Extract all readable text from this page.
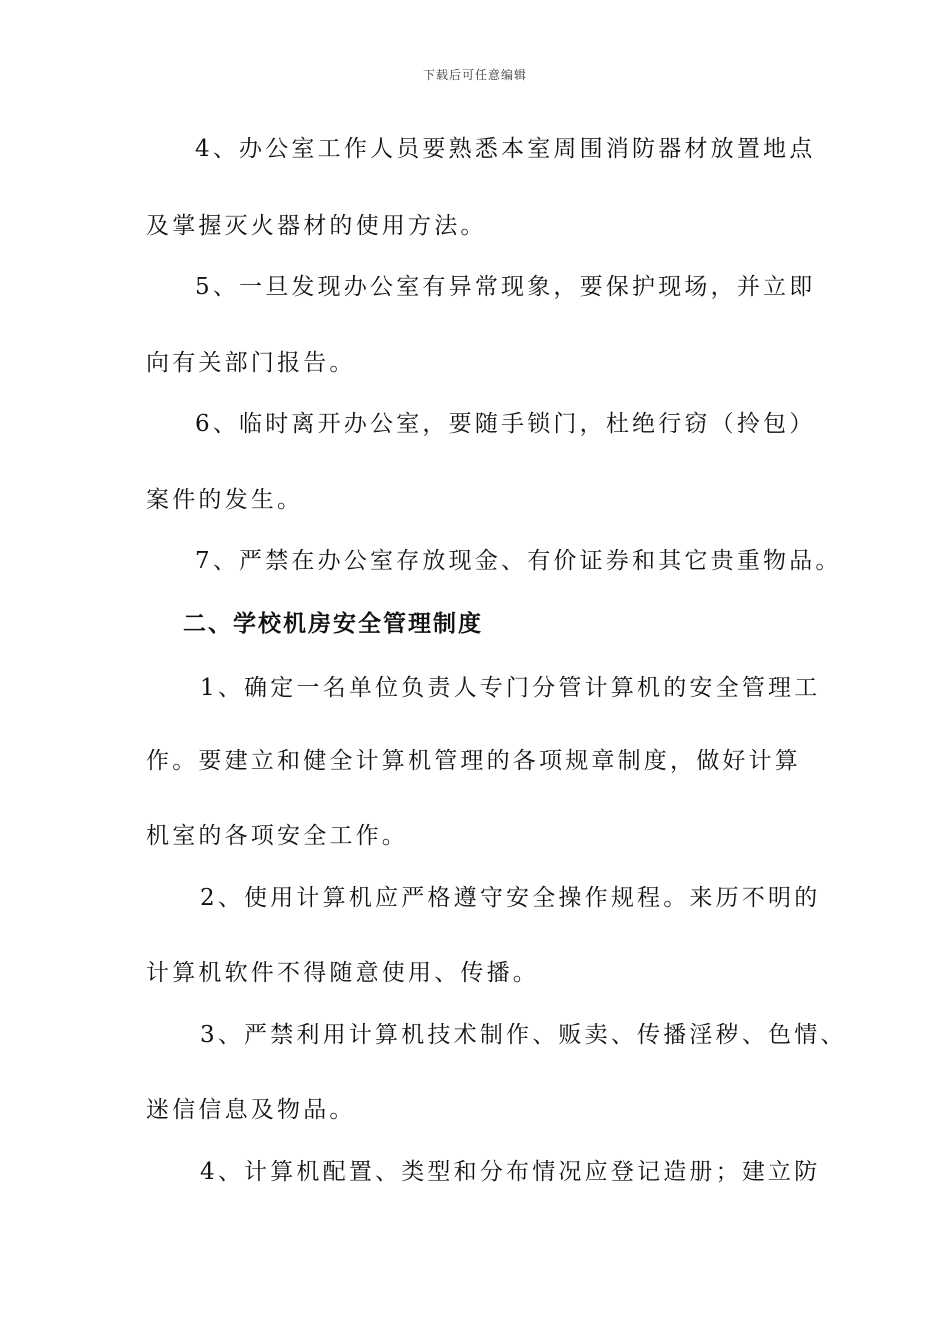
下载后可任意编辑
4、办公室工作人员要熟悉本室周围消防器材放置地点
及掌握灭火器材的使用方法。
5、一旦发现办公室有异常现象，要保护现场，并立即
向有关部门报告。
6、临时离开办公室，要随手锁门，杜绝行窃（拎包）
案件的发生。
7、严禁在办公室存放现金、有价证券和其它贵重物品。
二、学校机房安全管理制度
1、确定一名单位负责人专门分管计算机的安全管理工
作。要建立和健全计算机管理的各项规章制度，做好计算
机室的各项安全工作。
2、使用计算机应严格遵守安全操作规程。来历不明的
计算机软件不得随意使用、传播。
3、严禁利用计算机技术制作、贩卖、传播淫秽、色情、
迷信信息及物品。
4、计算机配置、类型和分布情况应登记造册；建立防
